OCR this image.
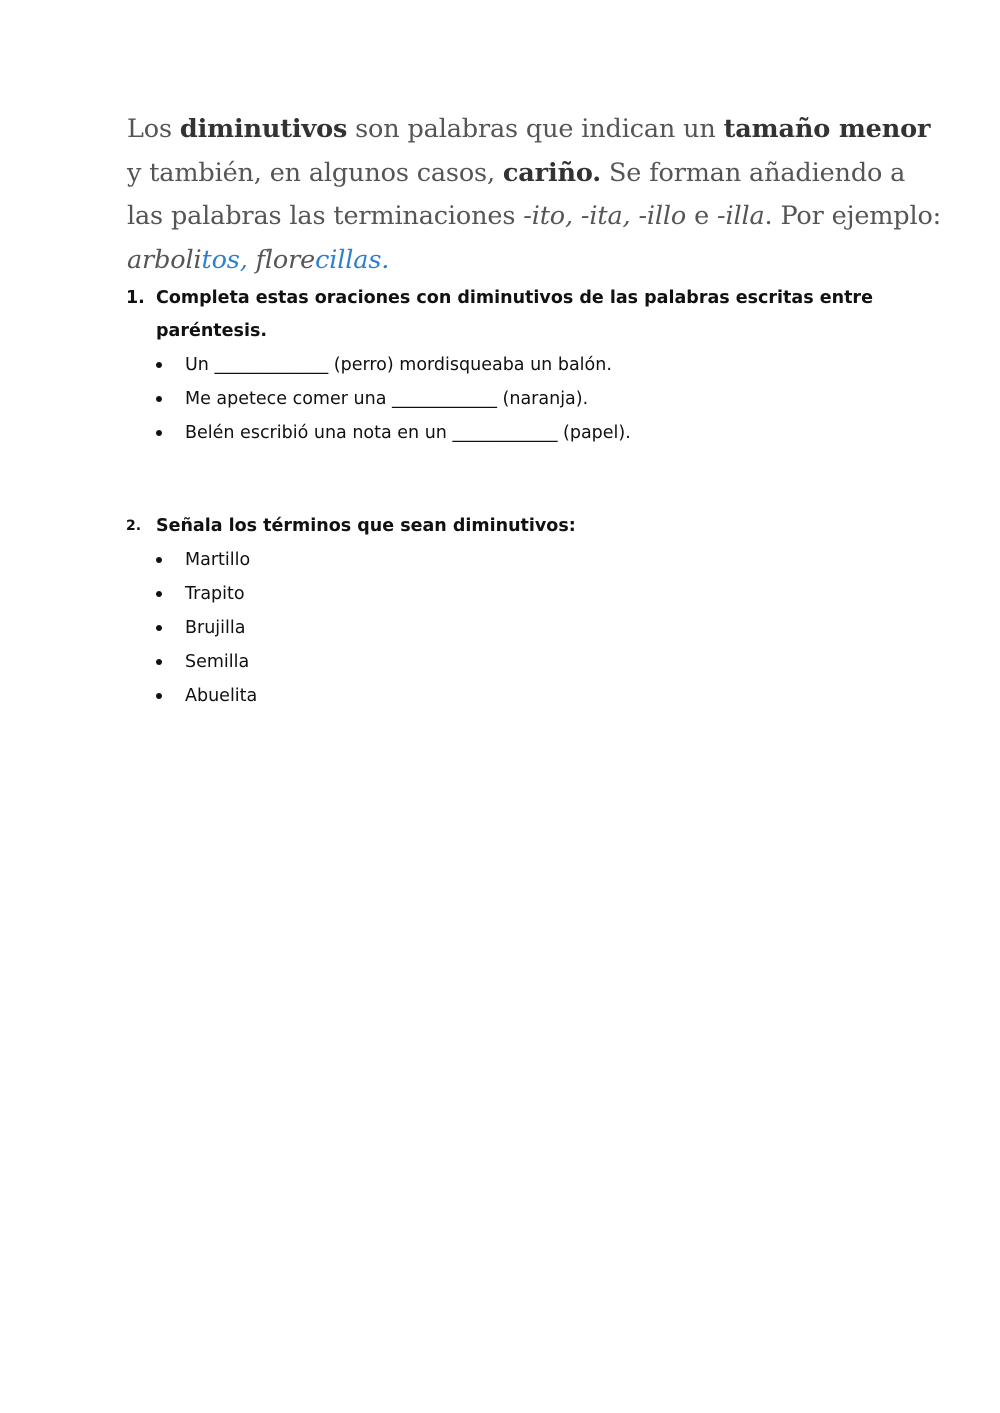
Los diminutivos son palabras que indican un tamaño menor
y también, en algunos casos, cariño. Se forman añadiendo a
las palabras las terminaciones -ito, -ita, -illo e -illa. Por ejemplo:
arbolitos, florecillas.
1. Completa estas oraciones con diminutivos de las palabras escritas entre paréntesis.
Un _____________ (perro) mordisqueaba un balón.
Me apetece comer una ____________ (naranja).
Belén escribió una nota en un ____________ (papel).
2. Señala los términos que sean diminutivos:
Martillo
Trapito
Brujilla
Semilla
Abuelita
